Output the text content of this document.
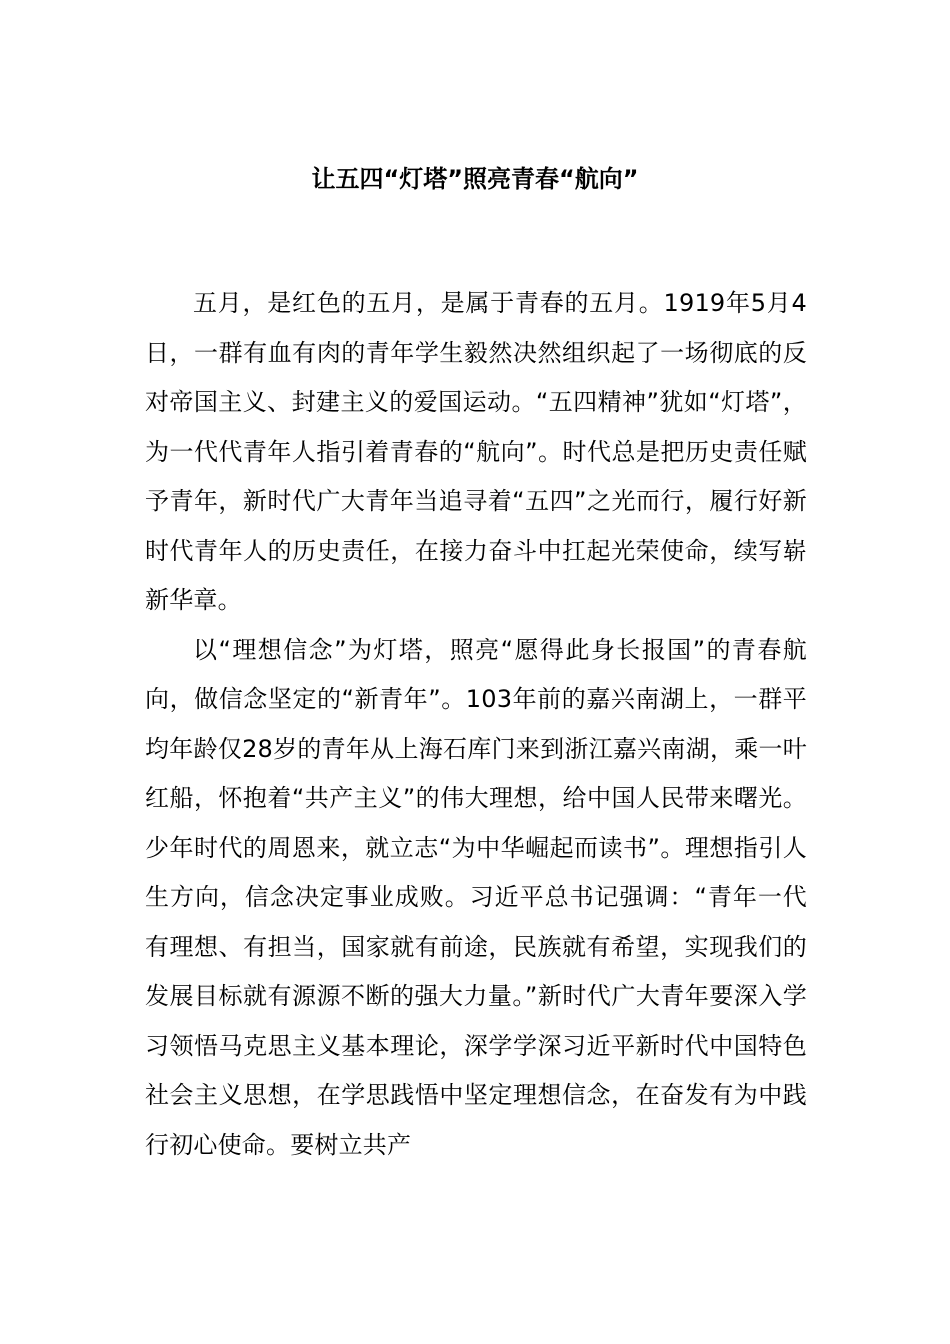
让五四“灯塔”照亮青春“航向”

五月，是红色的五月，是属于青春的五月。1919年5月4日，一群有血有肉的青年学生毅然决然组织起了一场彻底的反对帝国主义、封建主义的爱国运动。“五四精神”犹如“灯塔”，为一代代青年人指引着青春的“航向”。时代总是把历史责任赋予青年，新时代广大青年当追寻着“五四”之光而行，履行好新时代青年人的历史责任，在接力奋斗中扛起光荣使命，续写崭新华章。

以“理想信念”为灯塔，照亮“愿得此身长报国”的青春航向，做信念坚定的“新青年”。103年前的嘉兴南湖上，一群平均年龄仅28岁的青年从上海石库门来到浙江嘉兴南湖，乘一叶红船，怀抱着“共产主义”的伟大理想，给中国人民带来曙光。少年时代的周恩来，就立志“为中华崛起而读书”。理想指引人生方向，信念决定事业成败。习近平总书记强调：“青年一代有理想、有担当，国家就有前途，民族就有希望，实现我们的发展目标就有源源不断的强大力量。”新时代广大青年要深入学习领悟马克思主义基本理论，深学学深习近平新时代中国特色社会主义思想，在学思践悟中坚定理想信念，在奋发有为中践行初心使命。要树立共产
